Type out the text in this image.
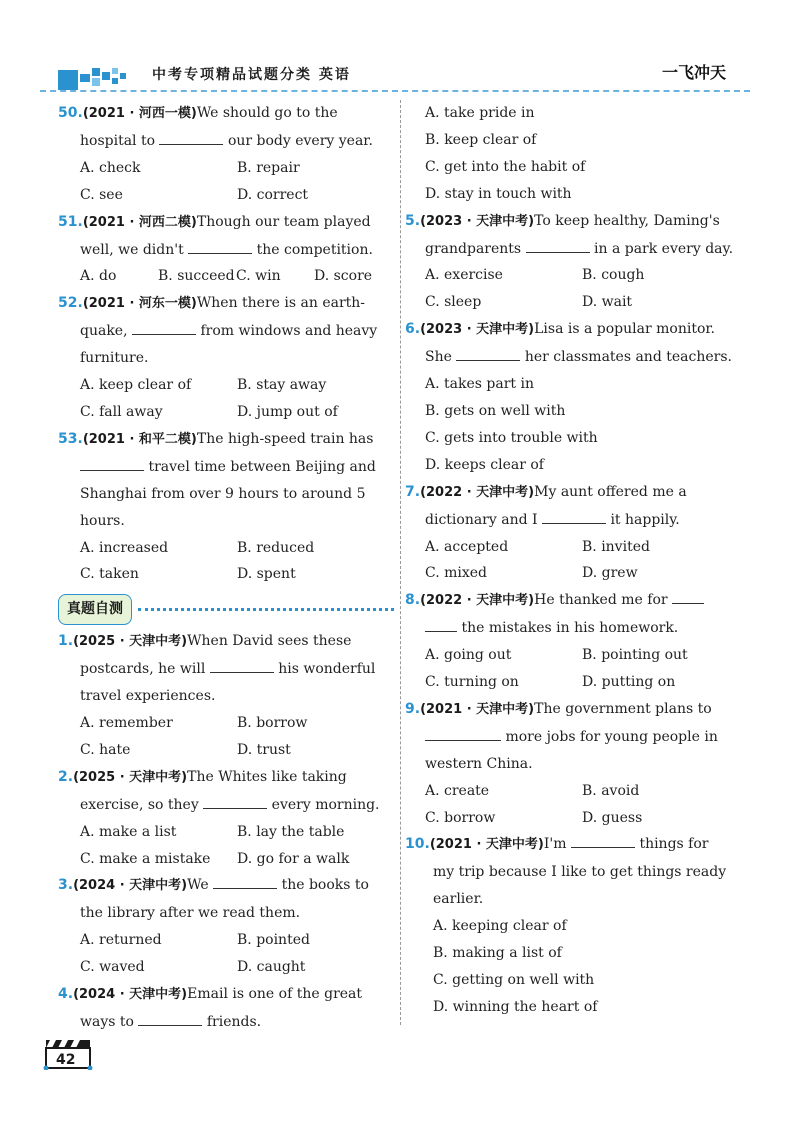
中考专项精品试题分类 英语	一飞冲天
50.(2021 · 河西一模)We should go to the
hospital to	our body every year.
A. check	B. repair
C. see	D. correct
51.(2021 · 河西二模)Though our team played
well, we didn't	the competition.
A. do	B. succeed C. win	D. score
52.(2021 · 河东一模)When there is an earth-
quake,	from windows and heavy
furniture.
A. keep clear of	B. stay away
C. fall away	D. jump out of
53.(2021 · 和平二模)The high-speed train has
travel time between Beijing and
Shanghai from over 9 hours to around 5
hours.
A. increased	B. reduced
C. taken	D. spent
真题自测
1.(2025 · 天津中考)When David sees these
postcards, he will	his wonderful
travel experiences.
A. remember	B. borrow
C. hate	D. trust
2.(2025 · 天津中考)The Whites like taking
exercise, so they	every morning.
A. make a list	B. lay the table
C. make a mistake	D. go for a walk
3.(2024 · 天津中考)We	the books to
the library after we read them.
A. returned	B. pointed
C. waved	D. caught
4.(2024 · 天津中考)Email is one of the great
ways to	friends.
A. take pride in
B. keep clear of
C. get into the habit of
D. stay in touch with
5.(2023 · 天津中考)To keep healthy, Daming's
grandparents	in a park every day.
A. exercise	B. cough
C. sleep	D. wait
6.(2023 · 天津中考)Lisa is a popular monitor.
She	her classmates and teachers.
A. takes part in
B. gets on well with
C. gets into trouble with
D. keeps clear of
7.(2022 · 天津中考)My aunt offered me a
dictionary and I	it happily.
A. accepted	B. invited
C. mixed	D. grew
8.(2022 · 天津中考)He thanked me for
the mistakes in his homework.
A. going out	B. pointing out
C. turning on	D. putting on
9.(2021 · 天津中考)The government plans to
more jobs for young people in
western China.
A. create	B. avoid
C. borrow	D. guess
10.(2021 · 天津中考)I'm	things for
my trip because I like to get things ready
earlier.
A. keeping clear of
B. making a list of
C. getting on well with
D. winning the heart of
42
